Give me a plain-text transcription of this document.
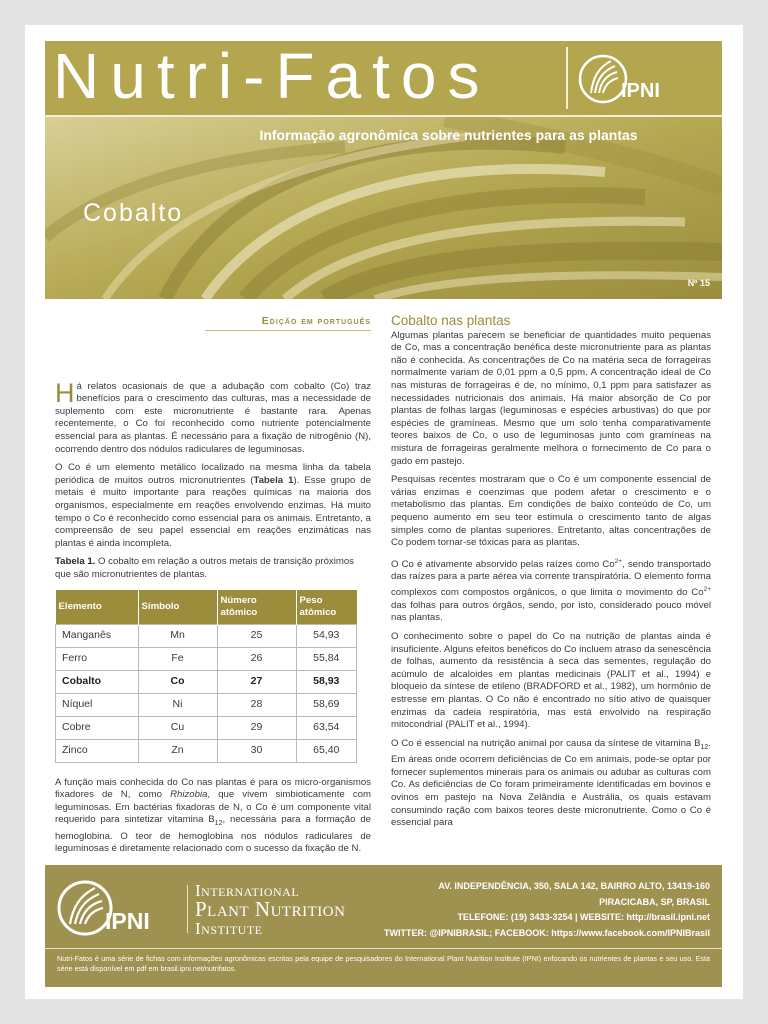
Nutri-Fatos	IPNI
Informação agronômica sobre nutrientes para as plantas
Cobalto
Nº 15
Edição em português

Há relatos ocasionais de que a adubação com cobalto (Co) traz benefícios para o crescimento das culturas, mas a necessidade de suplemento com este micronutriente é bastante rara. Apenas recentemente, o Co foi reconhecido como nutriente potencialmente essencial para as plantas. É necessário para a fixação de nitrogênio (N), ocorrendo dentro dos nódulos radiculares de leguminosas.

O Co é um elemento metálico localizado na mesma linha da tabela periódica de muitos outros micronutrientes (Tabela 1). Esse grupo de metais é muito importante para reações químicas na maioria dos organismos, especialmente em reações envolvendo enzimas. Há muito tempo o Co é reconhecido como essencial para os animais. Entretanto, a compreensão de seu papel essencial em reações enzimáticas nas plantas é ainda incompleta.

Tabela 1. O cobalto em relação a outros metais de transição próximos que são micronutrientes de plantas.
Elemento	Símbolo	Número atômico	Peso atômico
Manganês	Mn	25	54,93
Ferro	Fe	26	55,84
Cobalto	Co	27	58,93
Níquel	Ni	28	58,69
Cobre	Cu	29	63,54
Zinco	Zn	30	65,40

A função mais conhecida do Co nas plantas é para os micro-organismos fixadores de N, como Rhizobia, que vivem simbioticamente com leguminosas. Em bactérias fixadoras de N, o Co é um componente vital requerido para sintetizar vitamina $B_{12}$, necessária para a formação de hemoglobina. O teor de hemoglobina nos nódulos radiculares de leguminosas é diretamente relacionado com o sucesso da fixação de N.

Cobalto nas plantas

Algumas plantas parecem se beneficiar de quantidades muito pequenas de Co, mas a concentração benéfica deste micronutriente para as plantas não é conhecida. As concentrações de Co na matéria seca de forrageiras normalmente variam de 0,01 ppm a 0,5 ppm. A concentração ideal de Co nas misturas de forrageiras é de, no mínimo, 0,1 ppm para satisfazer as necessidades nutricionais dos animais. Há maior absorção de Co por plantas de folhas largas (leguminosas e espécies arbustivas) do que por espécies de gramíneas. Mesmo que um solo tenha comparativamente teores baixos de Co, o uso de leguminosas junto com gramíneas na mistura de forrageiras geralmente melhora o fornecimento de Co para o gado em pastejo.

Pesquisas recentes mostraram que o Co é um componente essencial de várias enzimas e coenzimas que podem afetar o crescimento e o metabolismo das plantas. Em condições de baixo conteúdo de Co, um pequeno aumento em seu teor estimula o crescimento tanto de algas simples como de plantas superiores. Entretanto, altas concentrações de Co podem tornar-se tóxicas para as plantas.

O Co é ativamente absorvido pelas raízes como $Co^{2+}$, sendo transportado das raízes para a parte aérea via corrente transpiratória. O elemento forma complexos com compostos orgânicos, o que limita o movimento do $Co^{2+}$ das folhas para outros órgãos, sendo, por isto, considerado pouco móvel nas plantas.

O conhecimento sobre o papel do Co na nutrição de plantas ainda é insuficiente. Alguns efeitos benéficos do Co incluem atraso da senescência de folhas, aumento da resistência à seca das sementes, regulação do acúmulo de alcaloides em plantas medicinais (PALIT et al., 1994) e bloqueio da síntese de etileno (BRADFORD et al., 1982), um hormônio de estresse em plantas. O Co não é encontrado no sítio ativo de quaisquer enzimas da cadeia respiratória, mas está envolvido na respiração mitocondrial (PALIT et al., 1994).

O Co é essencial na nutrição animal por causa da síntese de vitamina $B_{12}$. Em áreas onde ocorrem deficiências de Co em animais, pode-se optar por fornecer suplementos minerais para os animais ou adubar as culturas com Co. As deficiências de Co foram primeiramente identificadas em bovinos e ovinos em pastejo na Nova Zelândia e Austrália, os quais estavam consumindo ração com baixos teores deste micronutriente. Como o Co é essencial para

IPNI
International
Plant Nutrition
Institute
AV. INDEPENDÊNCIA, 350, SALA 142, BAIRRO ALTO, 13419-160
PIRACICABA, SP, BRASIL
TELEFONE: (19) 3433-3254 | WEBSITE: http://brasil.ipni.net
TWITTER: @IPNIBRASIL; FACEBOOK: https://www.facebook.com/IPNIBrasil
Nutri-Fatos é uma série de fichas com informações agronômicas escritas pela equipe de pesquisadores do International Plant Nutrition Institute (IPNI) enfocando os nutrientes de plantas e seu uso. Esta série está disponível em pdf em brasil.ipni.net/nutrifatos.
